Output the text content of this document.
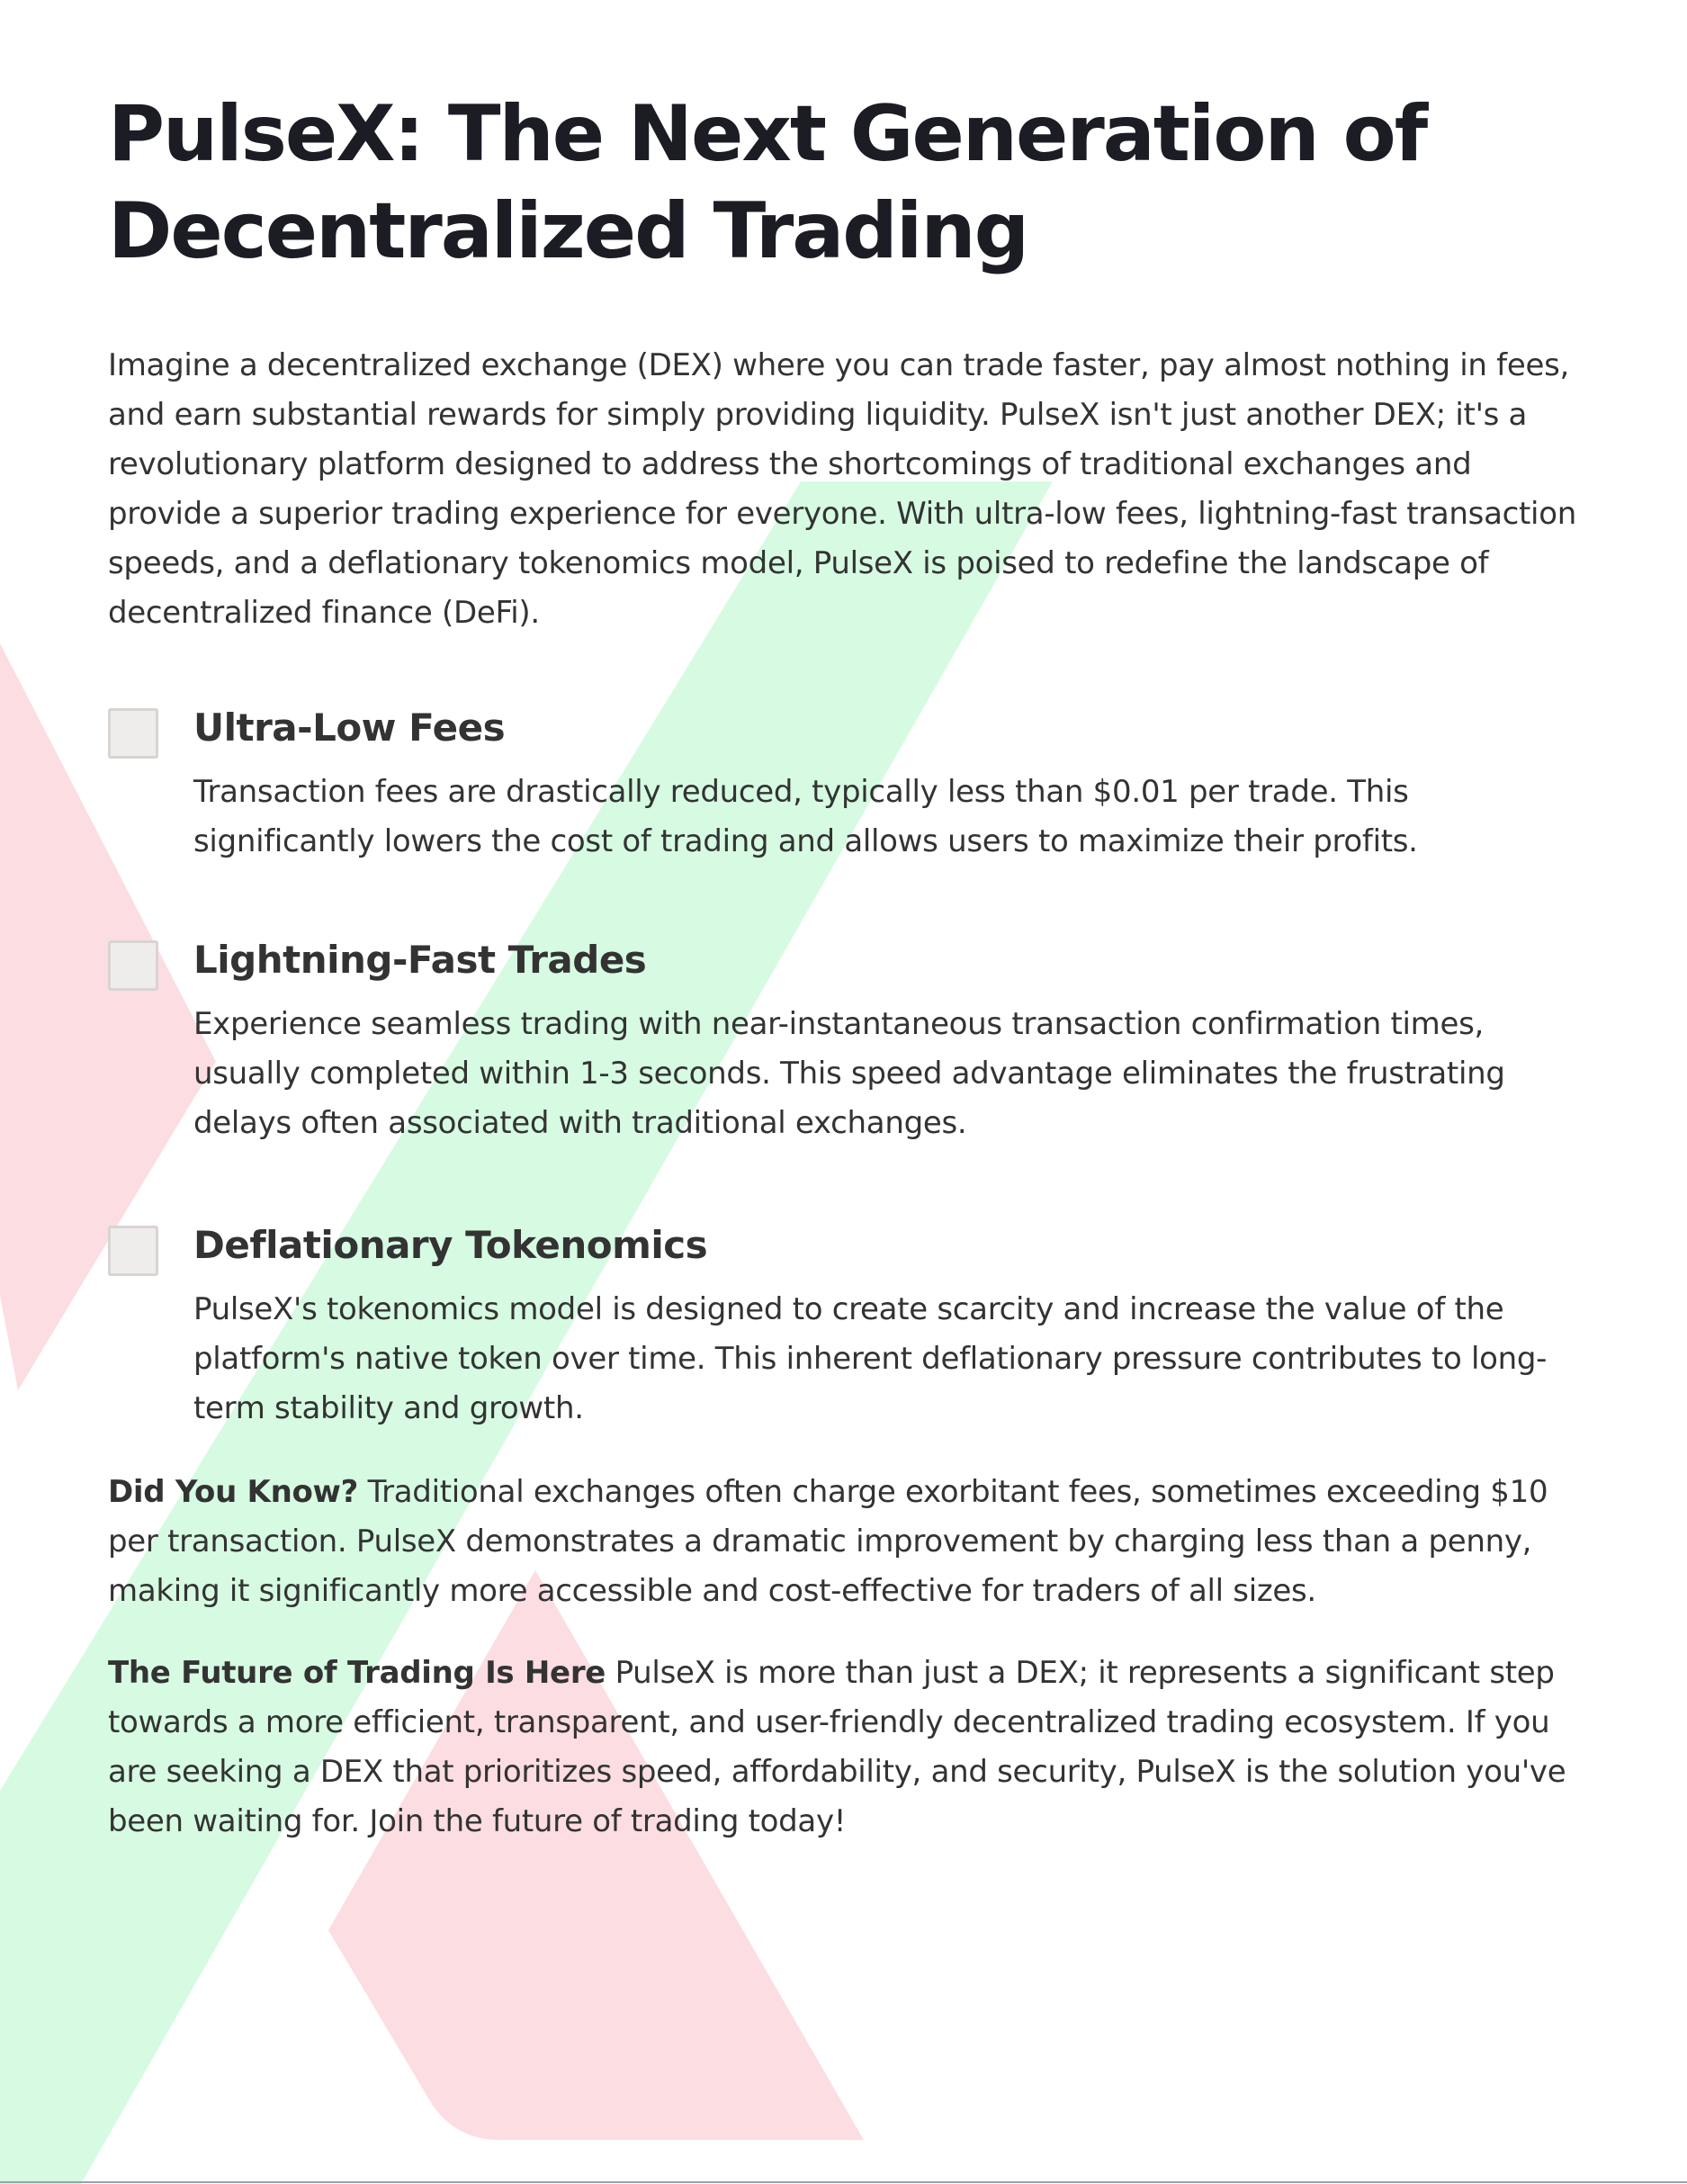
PulseX: The Next Generation of Decentralized Trading

Imagine a decentralized exchange (DEX) where you can trade faster, pay almost nothing in fees, and earn substantial rewards for simply providing liquidity. PulseX isn't just another DEX; it's a revolutionary platform designed to address the shortcomings of traditional exchanges and provide a superior trading experience for everyone. With ultra-low fees, lightning-fast transaction speeds, and a deflationary tokenomics model, PulseX is poised to redefine the landscape of decentralized finance (DeFi).

Ultra-Low Fees

Transaction fees are drastically reduced, typically less than $0.01 per trade. This significantly lowers the cost of trading and allows users to maximize their profits.

Lightning-Fast Trades

Experience seamless trading with near-instantaneous transaction confirmation times, usually completed within 1-3 seconds. This speed advantage eliminates the frustrating delays often associated with traditional exchanges.

Deflationary Tokenomics

PulseX's tokenomics model is designed to create scarcity and increase the value of the platform's native token over time. This inherent deflationary pressure contributes to long-term stability and growth.

Did You Know? Traditional exchanges often charge exorbitant fees, sometimes exceeding $10 per transaction. PulseX demonstrates a dramatic improvement by charging less than a penny, making it significantly more accessible and cost-effective for traders of all sizes.

The Future of Trading Is Here PulseX is more than just a DEX; it represents a significant step towards a more efficient, transparent, and user-friendly decentralized trading ecosystem. If you are seeking a DEX that prioritizes speed, affordability, and security, PulseX is the solution you've been waiting for. Join the future of trading today!
